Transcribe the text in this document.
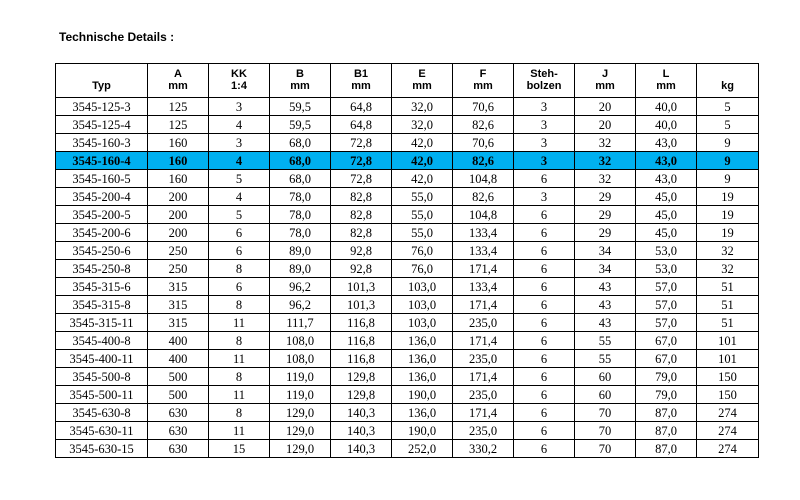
Technische Details :
	A	KK	B	B1	E	F	Steh-	J	L	
Typ	mm	1:4	mm	mm	mm	mm	bolzen	mm	mm	kg
3545-125-3	125	3	59,5	64,8	32,0	70,6	3	20	40,0	5
3545-125-4	125	4	59,5	64,8	32,0	82,6	3	20	40,0	5
3545-160-3	160	3	68,0	72,8	42,0	70,6	3	32	43,0	9
3545-160-4	160	4	68,0	72,8	42,0	82,6	3	32	43,0	9
3545-160-5	160	5	68,0	72,8	42,0	104,8	6	32	43,0	9
3545-200-4	200	4	78,0	82,8	55,0	82,6	3	29	45,0	19
3545-200-5	200	5	78,0	82,8	55,0	104,8	6	29	45,0	19
3545-200-6	200	6	78,0	82,8	55,0	133,4	6	29	45,0	19
3545-250-6	250	6	89,0	92,8	76,0	133,4	6	34	53,0	32
3545-250-8	250	8	89,0	92,8	76,0	171,4	6	34	53,0	32
3545-315-6	315	6	96,2	101,3	103,0	133,4	6	43	57,0	51
3545-315-8	315	8	96,2	101,3	103,0	171,4	6	43	57,0	51
3545-315-11	315	11	111,7	116,8	103,0	235,0	6	43	57,0	51
3545-400-8	400	8	108,0	116,8	136,0	171,4	6	55	67,0	101
3545-400-11	400	11	108,0	116,8	136,0	235,0	6	55	67,0	101
3545-500-8	500	8	119,0	129,8	136,0	171,4	6	60	79,0	150
3545-500-11	500	11	119,0	129,8	190,0	235,0	6	60	79,0	150
3545-630-8	630	8	129,0	140,3	136,0	171,4	6	70	87,0	274
3545-630-11	630	11	129,0	140,3	190,0	235,0	6	70	87,0	274
3545-630-15	630	15	129,0	140,3	252,0	330,2	6	70	87,0	274
